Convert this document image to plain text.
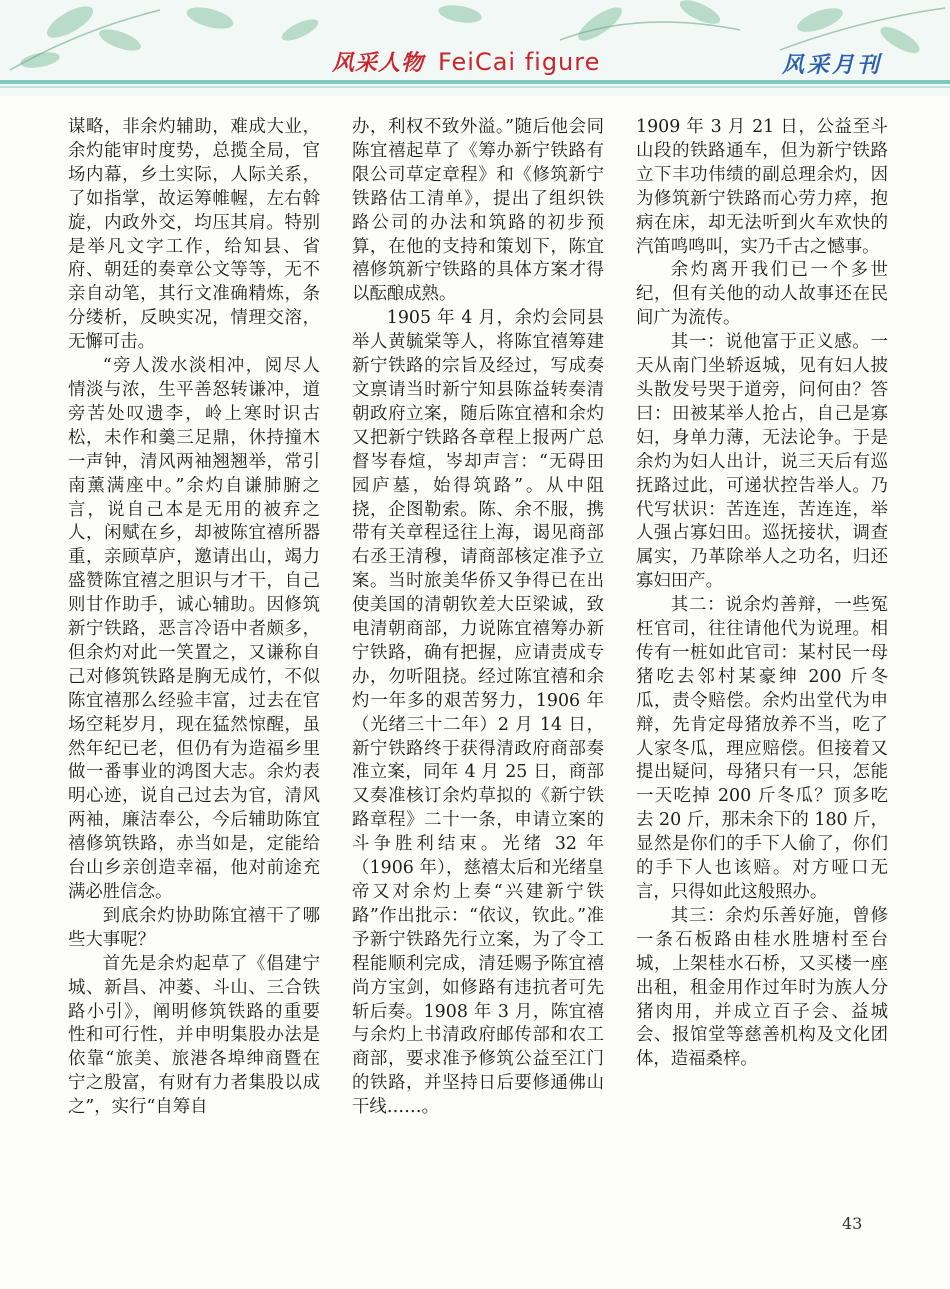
风采人物 FeiCai figure	风采月刊

谋略，非余灼辅助，难成大业，余灼能审时度势，总揽全局，官场内幕，乡土实际，人际关系，了如指掌，故运筹帷幄，左右斡旋，内政外交，均压其肩。特别是举凡文字工作，给知县、省府、朝廷的奏章公文等等，无不亲自动笔，其行文准确精炼，条分缕析，反映实况，情理交溶，无懈可击。

“旁人泼水淡相冲，阅尽人情淡与浓，生平善怒转谦冲，道旁苦处叹遗李，岭上寒时识古松，未作和羹三足鼎，休持撞木一声钟，清风两袖翘翘举，常引南薰满座中。”余灼自谦肺腑之言，说自己本是无用的被弃之人，闲赋在乡，却被陈宜禧所器重，亲顾草庐，邀请出山，竭力盛赞陈宜禧之胆识与才干，自己则甘作助手，诚心辅助。因修筑新宁铁路，恶言冷语中者颇多，但余灼对此一笑置之，又谦称自己对修筑铁路是胸无成竹，不似陈宜禧那么经验丰富，过去在官场空耗岁月，现在猛然惊醒，虽然年纪已老，但仍有为造福乡里做一番事业的鸿图大志。余灼表明心迹，说自己过去为官，清风两袖，廉洁奉公，今后辅助陈宜禧修筑铁路，赤当如是，定能给台山乡亲创造幸福，他对前途充满必胜信念。

到底余灼协助陈宜禧干了哪些大事呢？

首先是余灼起草了《倡建宁城、新昌、冲蒌、斗山、三合铁路小引》，阐明修筑铁路的重要性和可行性，并申明集股办法是依靠“旅美、旅港各埠绅商暨在宁之殷富，有财有力者集股以成之”，实行“自筹自

办，利权不致外溢。”随后他会同陈宜禧起草了《筹办新宁铁路有限公司草定章程》和《修筑新宁铁路估工清单》，提出了组织铁路公司的办法和筑路的初步预算，在他的支持和策划下，陈宜禧修筑新宁铁路的具体方案才得以酝酿成熟。

1905 年 4 月，余灼会同县举人黄毓棠等人，将陈宜禧筹建新宁铁路的宗旨及经过，写成奏文禀请当时新宁知县陈益转奏清朝政府立案，随后陈宜禧和余灼又把新宁铁路各章程上报两广总督岑春煊，岑却声言：“无碍田园庐墓，始得筑路”。从中阻挠，企图勒索。陈、余不服，携带有关章程迳往上海，谒见商部右丞王清穆，请商部核定准予立案。当时旅美华侨又争得已在出使美国的清朝钦差大臣梁诚，致电清朝商部，力说陈宜禧筹办新宁铁路，确有把握，应请责成专办，勿听阻挠。经过陈宜禧和余灼一年多的艰苦努力，1906 年（光绪三十二年）2 月 14 日，新宁铁路终于获得清政府商部奏准立案，同年 4 月 25 日，商部又奏准核订余灼草拟的《新宁铁路章程》二十一条，申请立案的斗争胜利结束。光绪 32 年（1906 年），慈禧太后和光绪皇帝又对余灼上奏“兴建新宁铁路”作出批示：“依议，钦此。”准予新宁铁路先行立案，为了令工程能顺利完成，清廷赐予陈宜禧尚方宝剑，如修路有违抗者可先斩后奏。1908 年 3 月，陈宜禧与余灼上书清政府邮传部和农工商部，要求准予修筑公益至江门的铁路，并坚持日后要修通佛山干线……。

1909 年 3 月 21 日，公益至斗山段的铁路通车，但为新宁铁路立下丰功伟绩的副总理余灼，因为修筑新宁铁路而心劳力瘁，抱病在床，却无法听到火车欢快的汽笛鸣鸣叫，实乃千古之憾事。

余灼离开我们已一个多世纪，但有关他的动人故事还在民间广为流传。

其一：说他富于正义感。一天从南门坐轿返城，见有妇人披头散发号哭于道旁，问何由？答曰：田被某举人抢占，自己是寡妇，身单力薄，无法论争。于是余灼为妇人出计，说三天后有巡抚路过此，可递状控告举人。乃代写状识：苦连连，苦连连，举人强占寡妇田。巡抚接状，调查属实，乃革除举人之功名，归还寡妇田产。

其二：说余灼善辩，一些冤枉官司，往往请他代为说理。相传有一桩如此官司：某村民一母猪吃去邻村某豪绅 200 斤冬瓜，责令赔偿。余灼出堂代为申辩，先肯定母猪放养不当，吃了人家冬瓜，理应赔偿。但接着又提出疑问，母猪只有一只，怎能一天吃掉 200 斤冬瓜？顶多吃去 20 斤，那未余下的 180 斤，显然是你们的手下人偷了，你们的手下人也该赔。对方哑口无言，只得如此这般照办。

其三：余灼乐善好施，曾修一条石板路由桂水胜塘村至台城，上架桂水石桥，又买楼一座出租，租金用作过年时为族人分猪肉用，并成立百子会、益城会、报馆堂等慈善机构及文化团体，造福桑梓。

43
